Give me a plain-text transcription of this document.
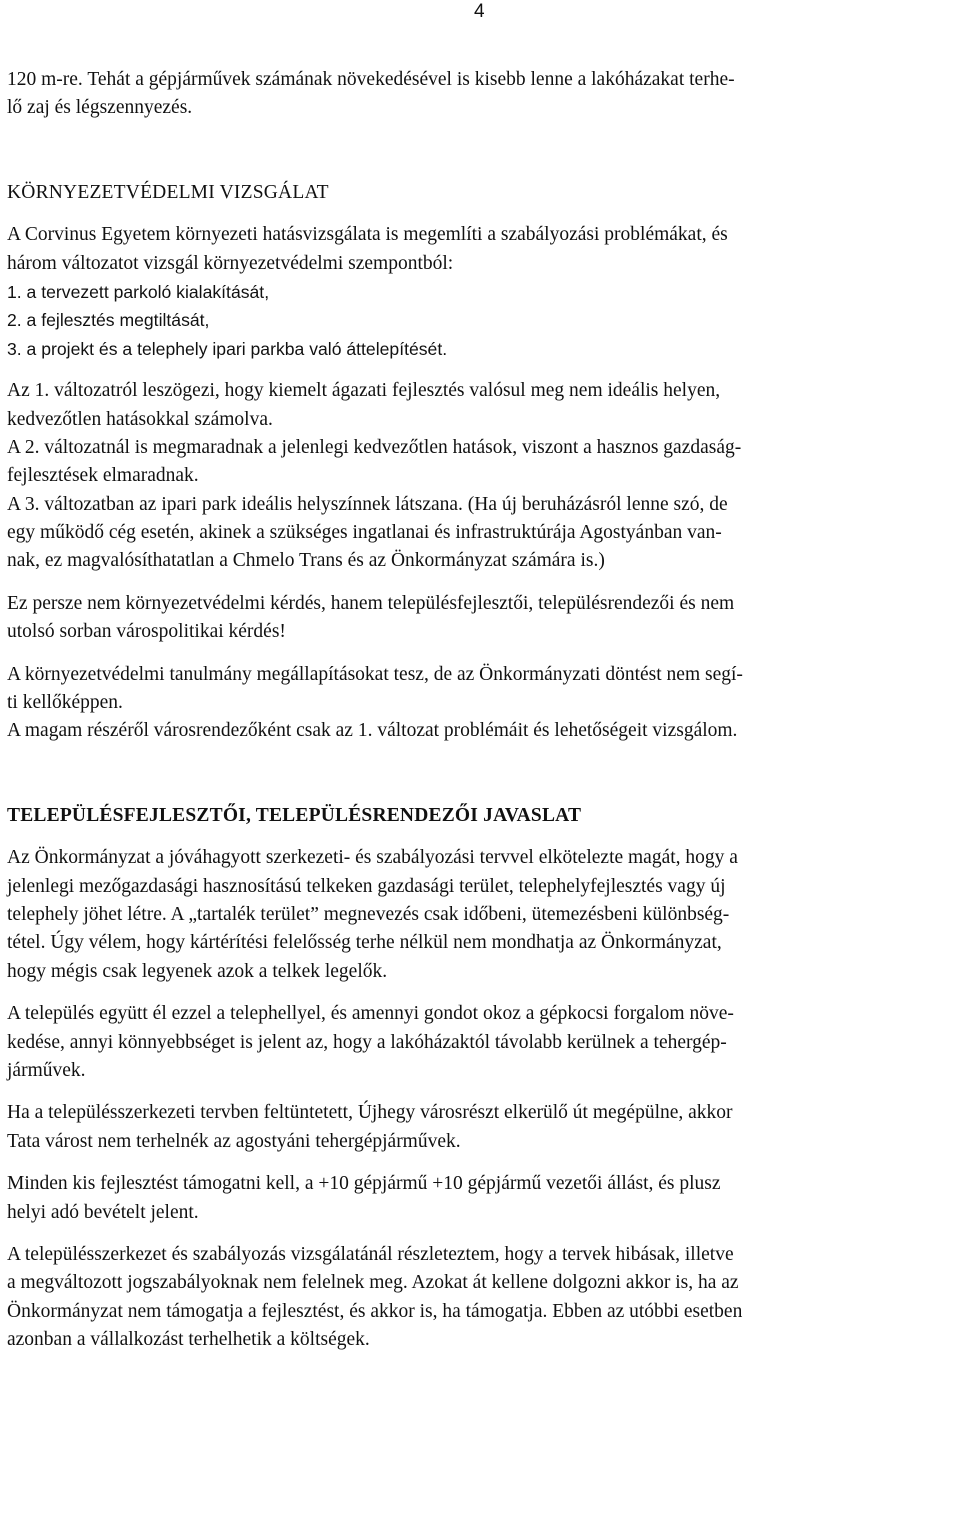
4
120 m-re. Tehát a gépjárművek számának növekedésével is kisebb lenne a lakóházakat terhe-
lő zaj és légszennyezés.
KÖRNYEZETVÉDELMI VIZSGÁLAT
A Corvinus Egyetem környezeti hatásvizsgálata is megemlíti a szabályozási problémákat, és
három változatot vizsgál környezetvédelmi szempontból:
1. a tervezett parkoló kialakítását,
2. a fejlesztés megtiltását,
3. a projekt és a telephely ipari parkba való áttelepítését.
Az 1. változatról leszögezi, hogy kiemelt ágazati fejlesztés valósul meg nem ideális helyen,
kedvezőtlen hatásokkal számolva.
A 2. változatnál is megmaradnak a jelenlegi kedvezőtlen hatások, viszont a hasznos gazdaság-
fejlesztések elmaradnak.
A 3. változatban az ipari park ideális helyszínnek látszana. (Ha új beruházásról lenne szó, de
egy működő cég esetén, akinek a szükséges ingatlanai és infrastruktúrája Agostyánban van-
nak, ez magvalósíthatatlan a Chmelo Trans és az Önkormányzat számára is.)
Ez persze nem környezetvédelmi kérdés, hanem településfejlesztői, településrendezői és nem
utolsó sorban várospolitikai kérdés!
A környezetvédelmi tanulmány megállapításokat tesz, de az Önkormányzati döntést nem segí-
ti kellőképpen.
A magam részéről városrendezőként csak az 1. változat problémáit és lehetőségeit vizsgálom.
TELEPÜLÉSFEJLESZTŐI, TELEPÜLÉSRENDEZŐI JAVASLAT
Az Önkormányzat a jóváhagyott szerkezeti- és szabályozási tervvel elkötelezte magát, hogy a
jelenlegi mezőgazdasági hasznosítású telkeken gazdasági terület, telephelyfejlesztés vagy új
telephely jöhet létre. A „tartalék terület” megnevezés csak időbeni, ütemezésbeni különbség-
tétel. Úgy vélem, hogy kártérítési felelősség terhe nélkül nem mondhatja az Önkormányzat,
hogy mégis csak legyenek azok a telkek legelők.
A település együtt él ezzel a telephellyel, és amennyi gondot okoz a gépkocsi forgalom növe-
kedése, annyi könnyebbséget is jelent az, hogy a lakóházaktól távolabb kerülnek a tehergép-
járművek.
Ha a településszerkezeti tervben feltüntetett, Újhegy városrészt elkerülő út megépülne, akkor
Tata várost nem terhelnék az agostyáni tehergépjárművek.
Minden kis fejlesztést támogatni kell, a +10 gépjármű +10 gépjármű vezetői állást, és plusz
helyi adó bevételt jelent.
A településszerkezet és szabályozás vizsgálatánál részleteztem, hogy a tervek hibásak, illetve
a megváltozott jogszabályoknak nem felelnek meg. Azokat át kellene dolgozni akkor is, ha az
Önkormányzat nem támogatja a fejlesztést, és akkor is, ha támogatja. Ebben az utóbbi esetben
azonban a vállalkozást terhelhetik a költségek.
